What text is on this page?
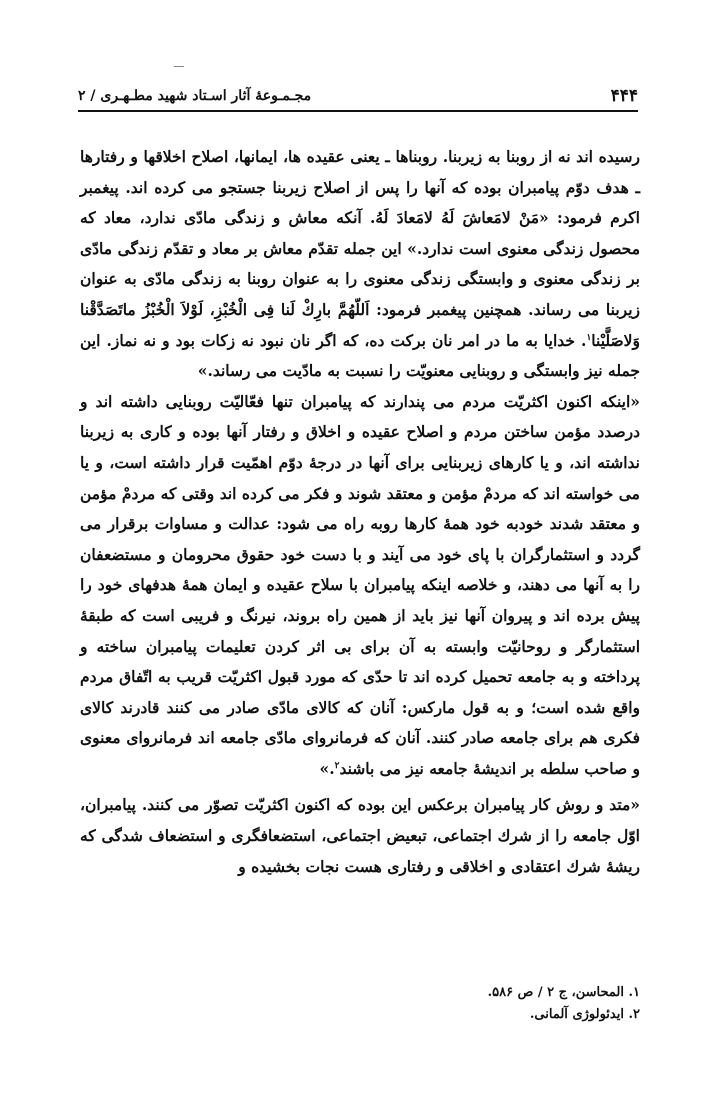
۴۴۴
مجـمـوعهٔ آثار اسـتاد شهيد مطـهـری / ۲

رسيده اند نه از روبنا به زيربنا. روبناها ـ يعنى عقيده ها، ايمانها، اصلاح اخلاقها و رفتارها ـ هدف دوّم پيامبران بوده كه آنها را پس از اصلاح زيربنا جستجو مى كرده اند. پيغمبر اكرم فرمود: «مَنْ لامَعاشَ لَهُ لامَعادَ لَهُ. آنكه معاش و زندگى مادّى ندارد، معاد كه محصول زندگى معنوى است ندارد.» اين جمله تقدّم معاش بر معاد و تقدّم زندگى مادّى بر زندگى معنوى و وابستگى زندگى معنوى را به عنوان روبنا به زندگى مادّى به عنوان زيربنا مى رساند. همچنين پيغمبر فرمود: اَللّهُمَّ بارِكْ لَنا فِى الْخُبْزِ، لَوْلاَ الْخُبْزُ ماتَصَدَّقْنا وَلاصَلَّيْنا$^۱$. خدايا به ما در امر نان بركت ده، كه اگر نان نبود نه زكات بود و نه نماز. اين جمله نيز وابستگى و روبنايى معنويّت را نسبت به مادّيت مى رساند.»

«اينكه اكنون اكثريّت مردم مى پندارند كه پيامبران تنها فعّاليّت روبنايى داشته اند و درصدد مؤمن ساختن مردم و اصلاح عقيده و اخلاق و رفتار آنها بوده و كارى به زيربنا نداشته اند، و يا كارهاى زيربنايى براى آنها در درجهٔ دوّم اهمّيت قرار داشته است، و يا مى خواسته اند كه مردمْ مؤمن و معتقد شوند و فكر مى كرده اند وقتى كه مردمْ مؤمن و معتقد شدند خودبه خود همهٔ كارها روبه راه مى شود: عدالت و مساوات برقرار مى گردد و استثمارگران با پاى خود مى آيند و با دست خود حقوق محرومان و مستضعفان را به آنها مى دهند، و خلاصه اينكه پيامبران با سلاح عقيده و ايمان همهٔ هدفهاى خود را پيش برده اند و پيروان آنها نيز بايد از همين راه بروند، نيرنگ و فريبى است كه طبقهٔ استثمارگر و روحانيّت وابسته به آن براى بى اثر كردن تعليمات پيامبران ساخته و پرداخته و به جامعه تحميل كرده اند تا حدّى كه مورد قبول اكثريّت قريب به اتّفاق مردم واقع شده است؛ و به قول ماركس: آنان كه كالاى مادّى صادر مى كنند قادرند كالاى فكرى هم براى جامعه صادر كنند. آنان كه فرمانرواى مادّى جامعه اند فرمانرواى معنوى و صاحب سلطه بر انديشهٔ جامعه نيز مى باشند$^۲$.»

«متد و روش كار پيامبران برعكس اين بوده كه اكنون اكثريّت تصوّر مى كنند. پيامبران، اوّل جامعه را از شرك اجتماعى، تبعيض اجتماعى، استضعافگرى و استضعاف شدگى كه ريشهٔ شرك اعتقادى و اخلاقى و رفتارى هست نجات بخشيده و

۱. المحاسن، ج ۲ / ص ۵۸۶.

۲. ايدئولوژى آلمانى.
